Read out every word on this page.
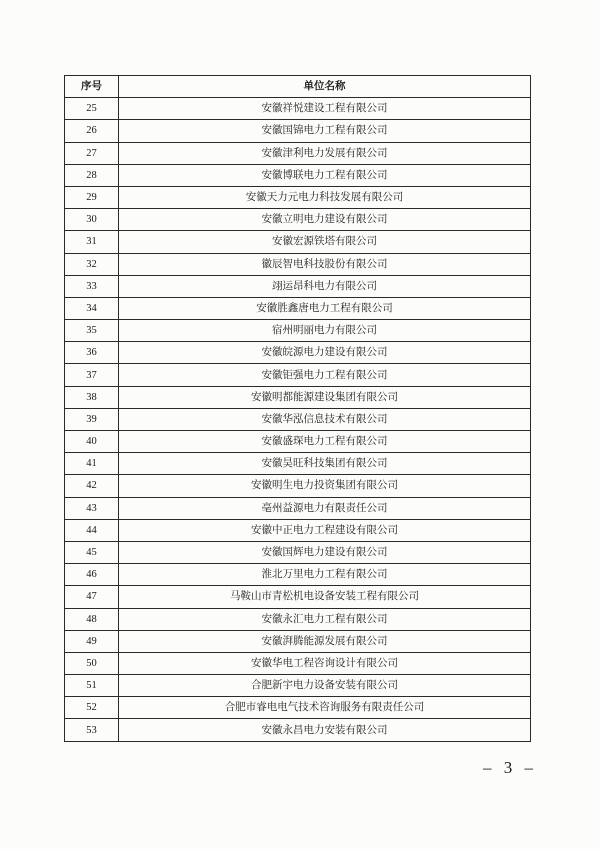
序号	单位名称
25	安徽祥悦建设工程有限公司
26	安徽国锦电力工程有限公司
27	安徽津利电力发展有限公司
28	安徽博联电力工程有限公司
29	安徽天力元电力科技发展有限公司
30	安徽立明电力建设有限公司
31	安徽宏源铁塔有限公司
32	徽辰智电科技股份有限公司
33	翊运昂科电力有限公司
34	安徽胜鑫唐电力工程有限公司
35	宿州明丽电力有限公司
36	安徽皖源电力建设有限公司
37	安徽钜强电力工程有限公司
38	安徽明都能源建设集团有限公司
39	安徽华泓信息技术有限公司
40	安徽盛琛电力工程有限公司
41	安徽昊旺科技集团有限公司
42	安徽明生电力投资集团有限公司
43	亳州益源电力有限责任公司
44	安徽中正电力工程建设有限公司
45	安徽国辉电力建设有限公司
46	淮北万里电力工程有限公司
47	马鞍山市青松机电设备安装工程有限公司
48	安徽永汇电力工程有限公司
49	安徽湃腾能源发展有限公司
50	安徽华电工程咨询设计有限公司
51	合肥新宇电力设备安装有限公司
52	合肥市睿电电气技术咨询服务有限责任公司
53	安徽永昌电力安装有限公司
– 3 –
